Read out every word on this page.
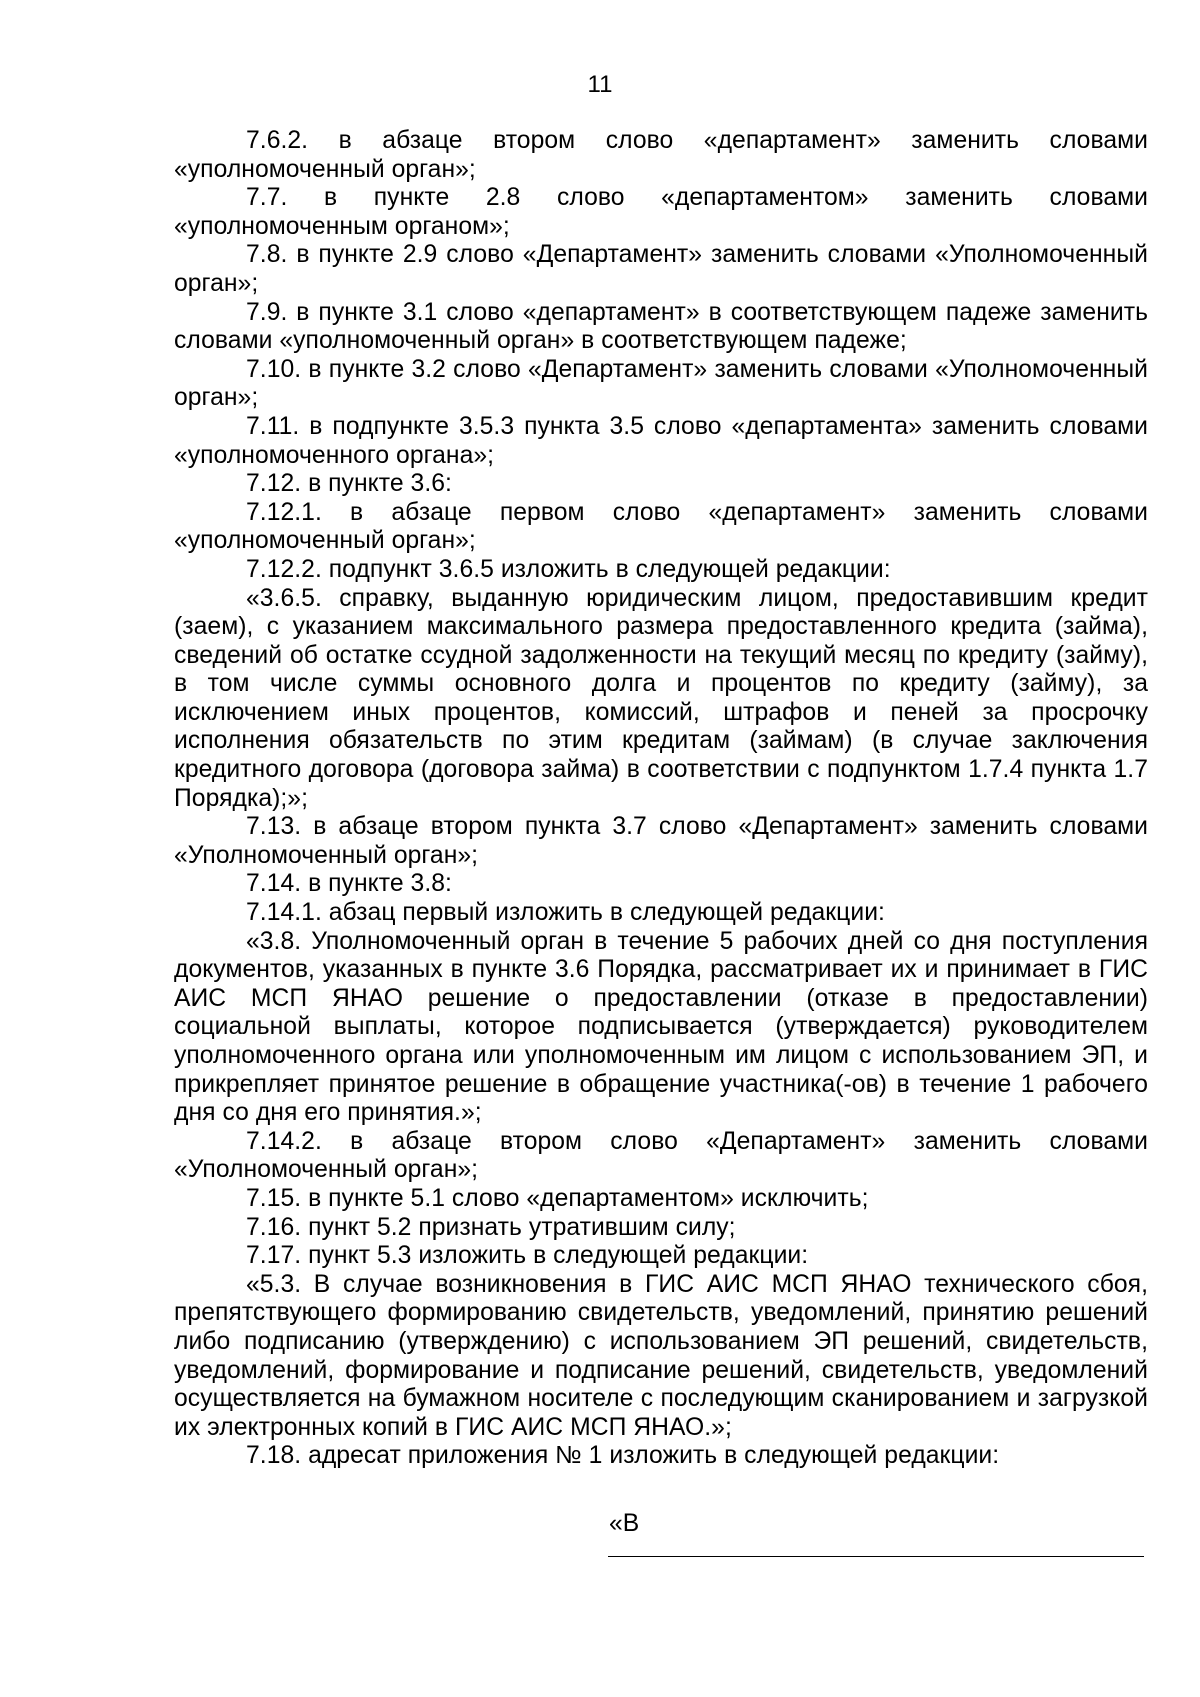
11

7.6.2. в абзаце втором слово «департамент» заменить словами «уполномоченный орган»;

7.7. в пункте 2.8 слово «департаментом» заменить словами «уполномоченным органом»;

7.8. в пункте 2.9 слово «Департамент» заменить словами «Уполномоченный орган»;

7.9. в пункте 3.1 слово «департамент» в соответствующем падеже заменить словами «уполномоченный орган» в соответствующем падеже;

7.10. в пункте 3.2 слово «Департамент» заменить словами «Уполномоченный орган»;

7.11. в подпункте 3.5.3 пункта 3.5 слово «департамента» заменить словами «уполномоченного органа»;

7.12. в пункте 3.6:

7.12.1. в абзаце первом слово «департамент» заменить словами «уполномоченный орган»;

7.12.2. подпункт 3.6.5 изложить в следующей редакции:

«3.6.5. справку, выданную юридическим лицом, предоставившим кредит (заем), с указанием максимального размера предоставленного кредита (займа), сведений об остатке ссудной задолженности на текущий месяц по кредиту (займу), в том числе суммы основного долга и процентов по кредиту (займу), за исключением иных процентов, комиссий, штрафов и пеней за просрочку исполнения обязательств по этим кредитам (займам) (в случае заключения кредитного договора (договора займа) в соответствии с подпунктом 1.7.4 пункта 1.7 Порядка);»;

7.13. в абзаце втором пункта 3.7 слово «Департамент» заменить словами «Уполномоченный орган»;

7.14. в пункте 3.8:

7.14.1. абзац первый изложить в следующей редакции:

«3.8. Уполномоченный орган в течение 5 рабочих дней со дня поступления документов, указанных в пункте 3.6 Порядка, рассматривает их и принимает в ГИС АИС МСП ЯНАО решение о предоставлении (отказе в предоставлении) социальной выплаты, которое подписывается (утверждается) руководителем уполномоченного органа или уполномоченным им лицом с использованием ЭП, и прикрепляет принятое решение в обращение участника(-ов) в течение 1 рабочего дня со дня его принятия.»;

7.14.2. в абзаце втором слово «Департамент» заменить словами «Уполномоченный орган»;

7.15. в пункте 5.1 слово «департаментом» исключить;

7.16. пункт 5.2 признать утратившим силу;

7.17. пункт 5.3 изложить в следующей редакции:

«5.3. В случае возникновения в ГИС АИС МСП ЯНАО технического сбоя, препятствующего формированию свидетельств, уведомлений, принятию решений либо подписанию (утверждению) с использованием ЭП решений, свидетельств, уведомлений, формирование и подписание решений, свидетельств, уведомлений осуществляется на бумажном носителе с последующим сканированием и загрузкой их электронных копий в ГИС АИС МСП ЯНАО.»;

7.18. адресат приложения № 1 изложить в следующей редакции:

«В
